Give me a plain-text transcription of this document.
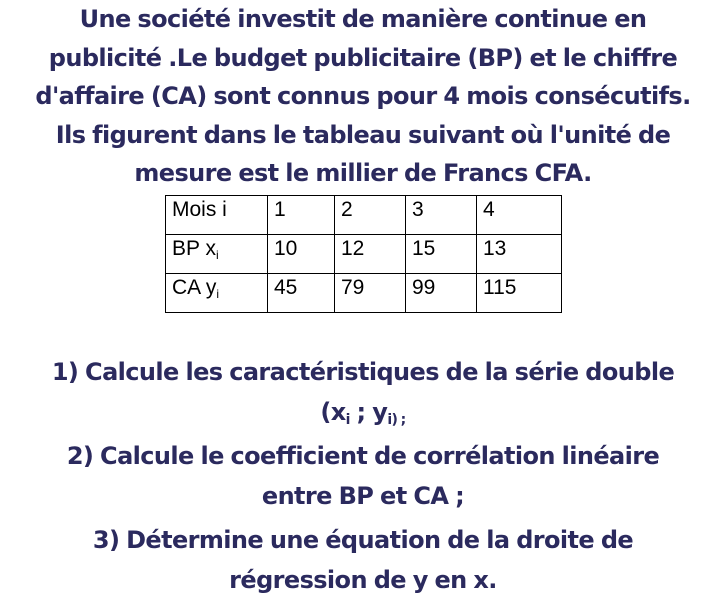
Une société investit de manière continue en
publicité .Le budget publicitaire (BP) et le chiffre
d'affaire (CA) sont connus pour 4 mois consécutifs.
Ils figurent dans le tableau suivant où l'unité de
mesure est le millier de Francs CFA.
Mois i	1	2	3	4
BP $x_i$	10	12	15	13
CA $y_i$	45	79	99	115
1) Calcule les caractéristiques de la série double
($x_i$ ; yi) ;
2) Calcule le coefficient de corrélation linéaire
entre BP et CA ;
3) Détermine une équation de la droite de
régression de y en x.
